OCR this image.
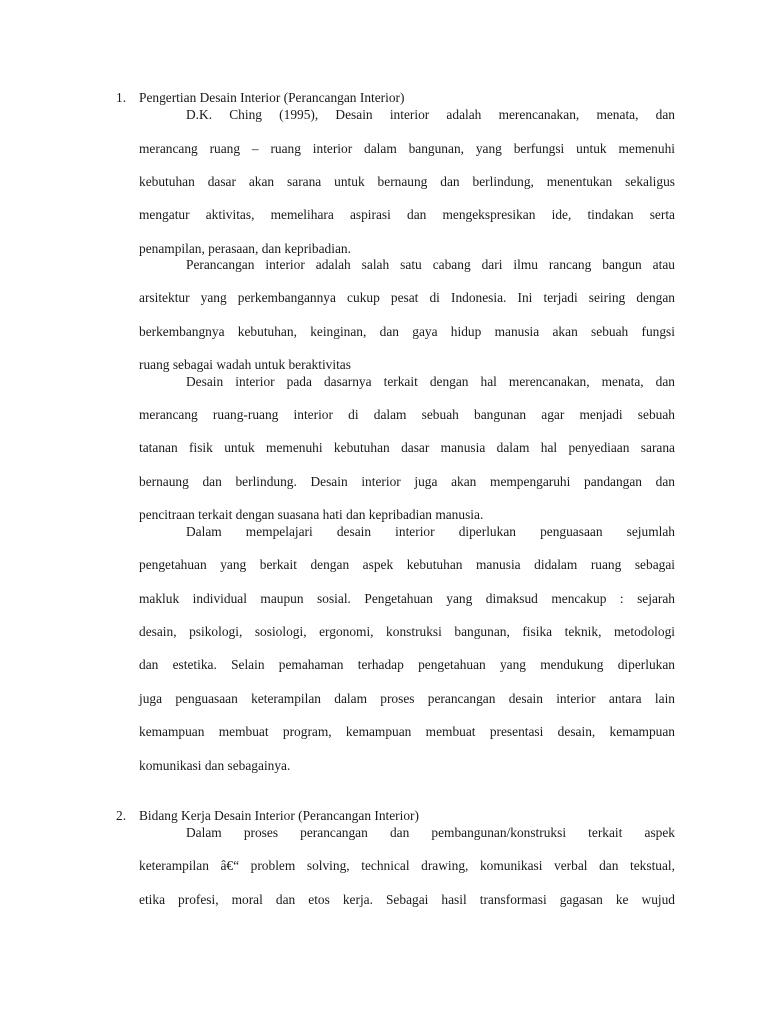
1. Pengertian Desain Interior (Perancangan Interior)
D.K. Ching (1995), Desain interior adalah merencanakan, menata, dan
merancang ruang – ruang interior dalam bangunan, yang berfungsi untuk memenuhi
kebutuhan dasar akan sarana untuk bernaung dan berlindung, menentukan sekaligus
mengatur aktivitas, memelihara aspirasi dan mengekspresikan ide, tindakan serta
penampilan, perasaan, dan kepribadian.
Perancangan interior adalah salah satu cabang dari ilmu rancang bangun atau
arsitektur yang perkembangannya cukup pesat di Indonesia. Ini terjadi seiring dengan
berkembangnya kebutuhan, keinginan, dan gaya hidup manusia akan sebuah fungsi
ruang sebagai wadah untuk beraktivitas
Desain interior pada dasarnya terkait dengan hal merencanakan, menata, dan
merancang ruang-ruang interior di dalam sebuah bangunan agar menjadi sebuah
tatanan fisik untuk memenuhi kebutuhan dasar manusia dalam hal penyediaan sarana
bernaung dan berlindung. Desain interior juga akan mempengaruhi pandangan dan
pencitraan terkait dengan suasana hati dan kepribadian manusia.
Dalam mempelajari desain interior diperlukan penguasaan sejumlah
pengetahuan yang berkait dengan aspek kebutuhan manusia didalam ruang sebagai
makluk individual maupun sosial. Pengetahuan yang dimaksud mencakup : sejarah
desain, psikologi, sosiologi, ergonomi, konstruksi bangunan, fisika teknik, metodologi
dan estetika. Selain pemahaman terhadap pengetahuan yang mendukung diperlukan
juga penguasaan keterampilan dalam proses perancangan desain interior antara lain
kemampuan membuat program, kemampuan membuat presentasi desain, kemampuan
komunikasi dan sebagainya.
2. Bidang Kerja Desain Interior (Perancangan Interior)
Dalam proses perancangan dan pembangunan/konstruksi terkait aspek
keterampilan â€“ problem solving, technical drawing, komunikasi verbal dan tekstual,
etika profesi, moral dan etos kerja. Sebagai hasil transformasi gagasan ke wujud
